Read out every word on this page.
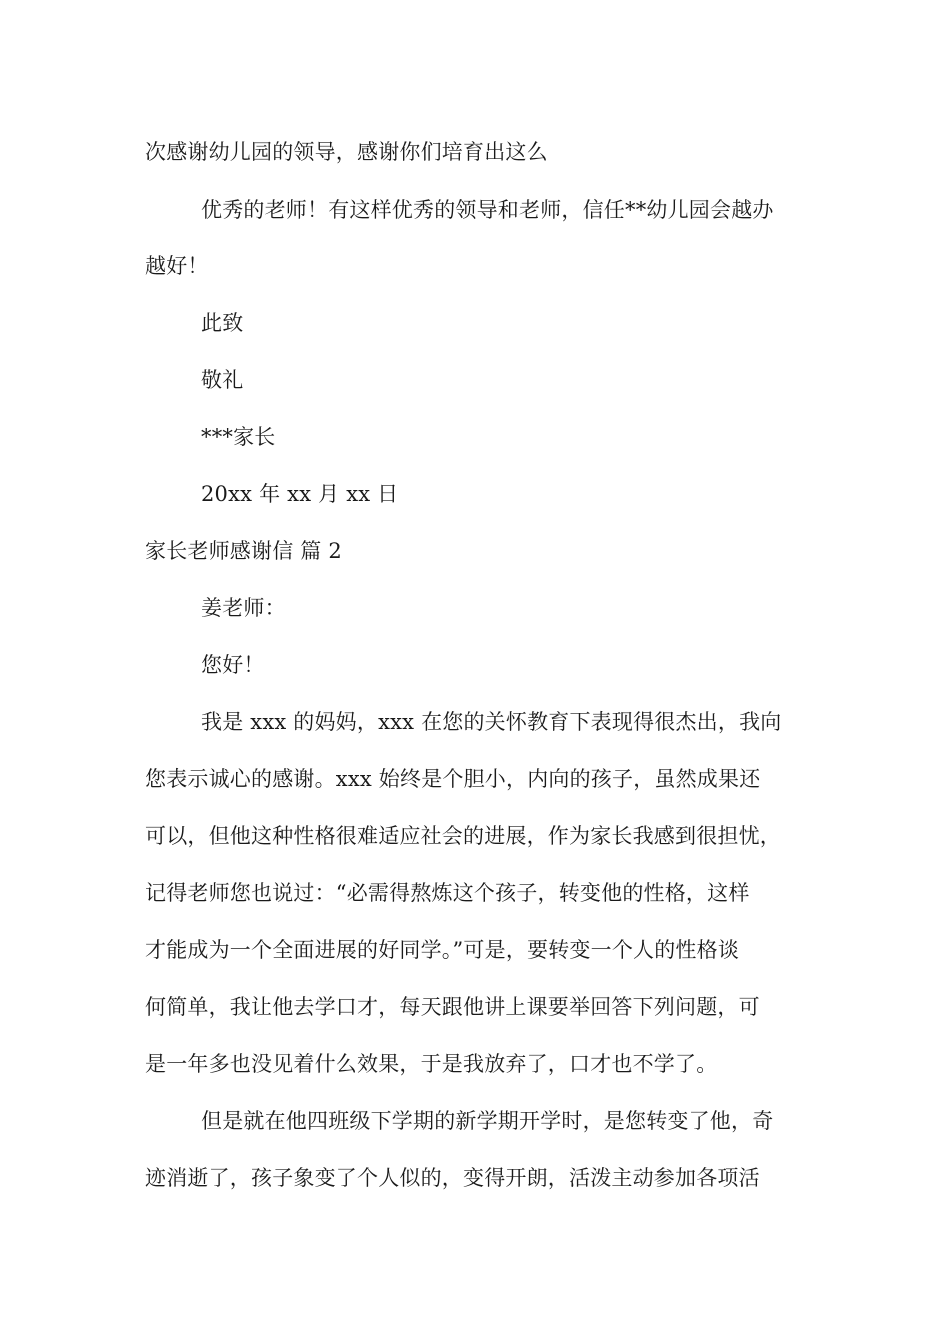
次感谢幼儿园的领导，感谢你们培育出这么
优秀的老师！有这样优秀的领导和老师，信任**幼儿园会越办
越好！
此致
敬礼
***家长
20xx 年 xx 月 xx 日
家长老师感谢信 篇 2
姜老师：
您好！
我是 xxx 的妈妈，xxx 在您的关怀教育下表现得很杰出，我向
您表示诚心的感谢。xxx 始终是个胆小，内向的孩子，虽然成果还
可以，但他这种性格很难适应社会的进展，作为家长我感到很担忧，
记得老师您也说过：“必需得熬炼这个孩子，转变他的性格，这样
才能成为一个全面进展的好同学。”可是，要转变一个人的性格谈
何简单，我让他去学口才，每天跟他讲上课要举回答下列问题，可
是一年多也没见着什么效果，于是我放弃了，口才也不学了。
但是就在他四班级下学期的新学期开学时，是您转变了他，奇
迹消逝了，孩子象变了个人似的，变得开朗，活泼主动参加各项活
